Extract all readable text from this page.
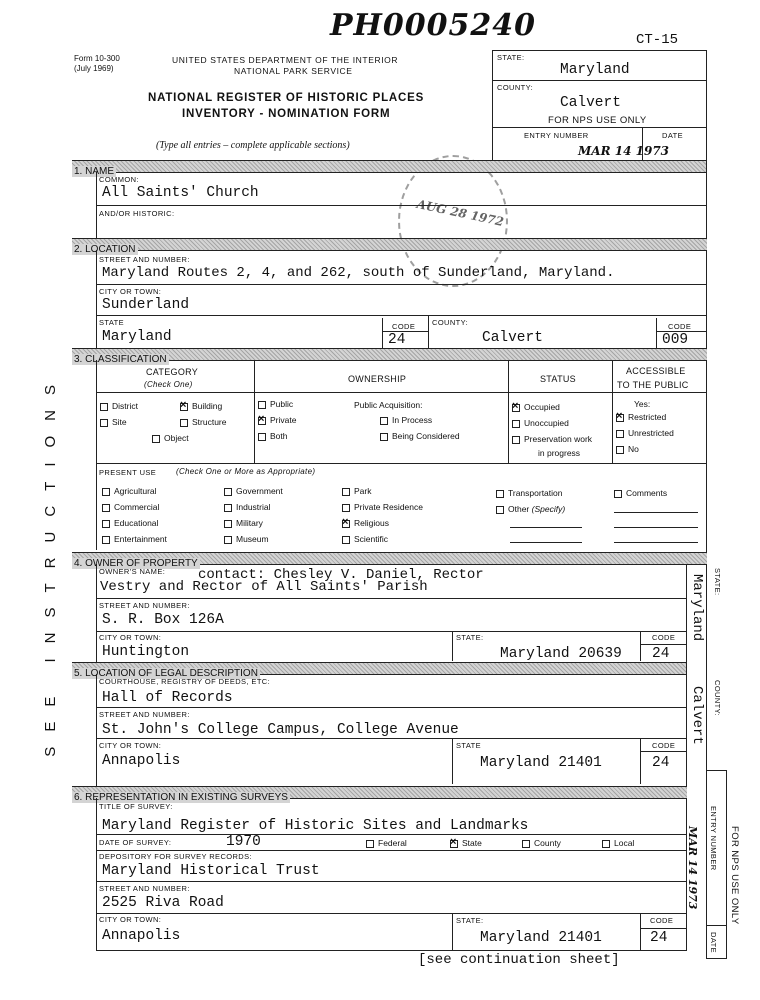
PH0005240	CT-15
Form 10-300
(July 1969)
UNITED STATES DEPARTMENT OF THE INTERIOR
NATIONAL PARK SERVICE
NATIONAL REGISTER OF HISTORIC PLACES
INVENTORY - NOMINATION FORM
(Type all entries – complete applicable sections)
STATE:
Maryland
COUNTY:
Calvert
FOR NPS USE ONLY
ENTRY NUMBER	DATE
MAR 14 1973
AUG 28 1972
SEE INSTRUCTIONS
1. NAME
COMMON:
All Saints' Church
AND/OR HISTORIC:
2. LOCATION
STREET AND NUMBER:
Maryland Routes 2, 4, and 262, south of Sunderland, Maryland.
CITY OR TOWN:
Sunderland
STATE
Maryland
CODE
24
COUNTY:
Calvert
CODE
009
3. CLASSIFICATION
CATEGORY
(Check One)
OWNERSHIP	STATUS
ACCESSIBLE
TO THE PUBLIC
District ×	Building
Site	Structure
Object
Public
×Private
Both
Public Acquisition:
In Process
Being Considered
×Occupied
Unoccupied
Preservation work
in progress
Yes:
×Restricted
Unrestricted
No
PRESENT USE (Check One or More as Appropriate)
Agricultural
Commercial
Educational
Entertainment
Government
Industrial
Military
Museum
Park
Private Residence
×Religious
Scientific
Transportation
Other (Specify)
Comments
4. OWNER OF PROPERTY
OWNER'S NAME: contact: Chesley V. Daniel, Rector
Vestry and Rector of All Saints' Parish
STREET AND NUMBER:
S. R. Box 126A
CITY OR TOWN:
Huntington
STATE:
Maryland 20639
CODE
24
STATE:
Maryland
5. LOCATION OF LEGAL DESCRIPTION
COURTHOUSE, REGISTRY OF DEEDS, ETC:
Hall of Records
STREET AND NUMBER:
St. John's College Campus, College Avenue
CITY OR TOWN:
Annapolis
STATE
Maryland 21401
CODE
24
COUNTY:
Calvert
6. REPRESENTATION IN EXISTING SURVEYS
TITLE OF SURVEY:
Maryland Register of Historic Sites and Landmarks
DATE OF SURVEY:	1970	Federal ×	State	County	Local
DEPOSITORY FOR SURVEY RECORDS:
Maryland Historical Trust
STREET AND NUMBER:
2525 Riva Road
CITY OR TOWN:
Annapolis
STATE:
Maryland 21401
CODE
24
MAR 14 1973 ENTRY NUMBER
DATE
FOR NPS USE ONLY
[see continuation sheet]
